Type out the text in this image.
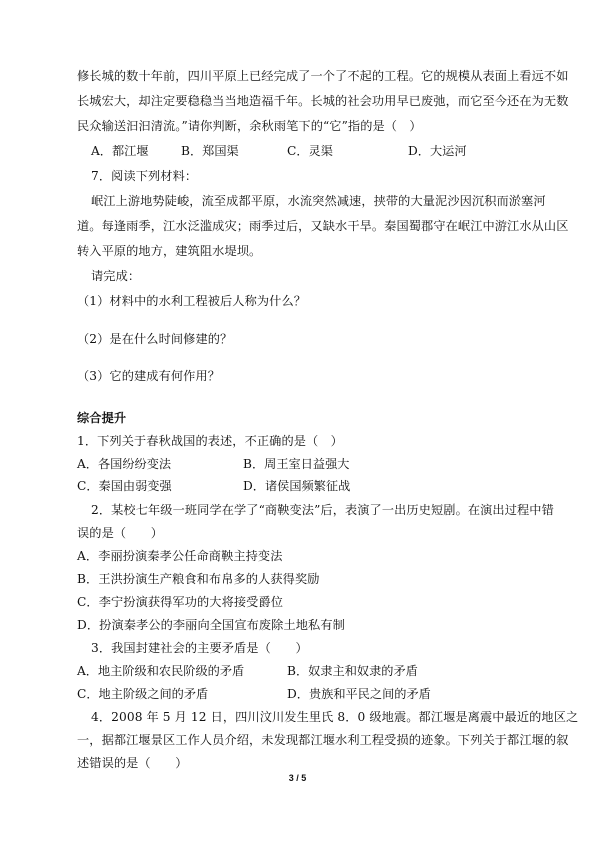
修长城的数十年前，四川平原上已经完成了一个了不起的工程。它的规模从表面上看远不如
长城宏大，却注定要稳稳当当地造福千年。长城的社会功用早已废弛，而它至今还在为无数
民众输送汩汩清流。”请你判断，余秋雨笔下的“它”指的是（　）
A．都江堰	B．郑国渠	C．灵渠	D．大运河
7．阅读下列材料：
岷江上游地势陡峻，流至成都平原，水流突然减速，挟带的大量泥沙因沉积而淤塞河
道。每逢雨季，江水泛滥成灾；雨季过后，又缺水干旱。秦国蜀郡守在岷江中游江水从山区
转入平原的地方，建筑阻水堤坝。
请完成：
（1）材料中的水利工程被后人称为什么？
（2）是在什么时间修建的？
（3）它的建成有何作用？
综合提升
1．下列关于春秋战国的表述，不正确的是（　）
A．各国纷纷变法	B．周王室日益强大
C．秦国由弱变强	D．诸侯国频繁征战
2．某校七年级一班同学在学了“商鞅变法”后，表演了一出历史短剧。在演出过程中错
误的是（　　）
A．李丽扮演秦孝公任命商鞅主持变法
B．王洪扮演生产粮食和布帛多的人获得奖励
C．李宁扮演获得军功的大将接受爵位
D．扮演秦孝公的李丽向全国宣布废除土地私有制
3．我国封建社会的主要矛盾是（　　）
A．地主阶级和农民阶级的矛盾	B．奴隶主和奴隶的矛盾
C．地主阶级之间的矛盾	D．贵族和平民之间的矛盾
4．2008 年 5 月 12 日，四川汶川发生里氏 8．0 级地震。都江堰是离震中最近的地区之
一，据都江堰景区工作人员介绍，未发现都江堰水利工程受损的迹象。下列关于都江堰的叙
述错误的是（　　）
3 / 5
